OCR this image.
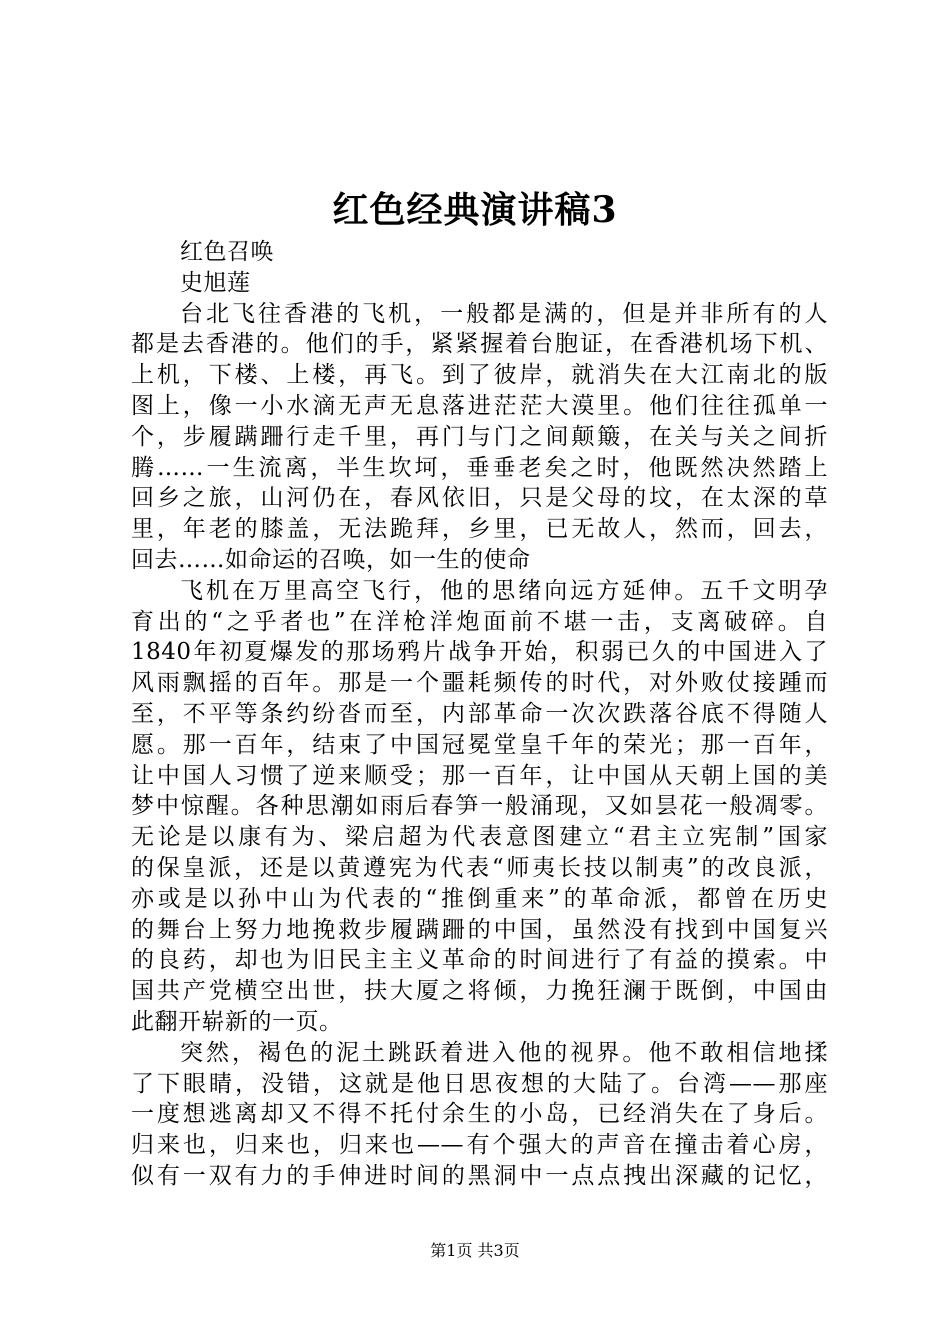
红色经典演讲稿3
红色召唤
史旭莲
台北飞往香港的飞机，一般都是满的，但是并非所有的人
都是去香港的。他们的手，紧紧握着台胞证，在香港机场下机、
上机，下楼、上楼，再飞。到了彼岸，就消失在大江南北的版
图上，像一小水滴无声无息落进茫茫大漠里。他们往往孤单一
个，步履蹒跚行走千里，再门与门之间颠簸，在关与关之间折
腾……一生流离，半生坎坷，垂垂老矣之时，他既然决然踏上
回乡之旅，山河仍在，春风依旧，只是父母的坟，在太深的草
里，年老的膝盖，无法跪拜，乡里，已无故人，然而，回去，
回去……如命运的召唤，如一生的使命
飞机在万里高空飞行，他的思绪向远方延伸。五千文明孕
育出的“之乎者也”在洋枪洋炮面前不堪一击，支离破碎。自
1840年初夏爆发的那场鸦片战争开始，积弱已久的中国进入了
风雨飘摇的百年。那是一个噩耗频传的时代，对外败仗接踵而
至，不平等条约纷沓而至，内部革命一次次跌落谷底不得随人
愿。那一百年，结束了中国冠冕堂皇千年的荣光；那一百年，
让中国人习惯了逆来顺受；那一百年，让中国从天朝上国的美
梦中惊醒。各种思潮如雨后春笋一般涌现，又如昙花一般凋零。
无论是以康有为、梁启超为代表意图建立“君主立宪制”国家
的保皇派，还是以黄遵宪为代表“师夷长技以制夷”的改良派，
亦或是以孙中山为代表的“推倒重来”的革命派，都曾在历史
的舞台上努力地挽救步履蹒跚的中国，虽然没有找到中国复兴
的良药，却也为旧民主主义革命的时间进行了有益的摸索。中
国共产党横空出世，扶大厦之将倾，力挽狂澜于既倒，中国由
此翻开崭新的一页。
突然，褐色的泥土跳跃着进入他的视界。他不敢相信地揉
了下眼睛，没错，这就是他日思夜想的大陆了。台湾——那座
一度想逃离却又不得不托付余生的小岛，已经消失在了身后。
归来也，归来也，归来也——有个强大的声音在撞击着心房，
似有一双有力的手伸进时间的黑洞中一点点拽出深藏的记忆，
第1页 共3页
